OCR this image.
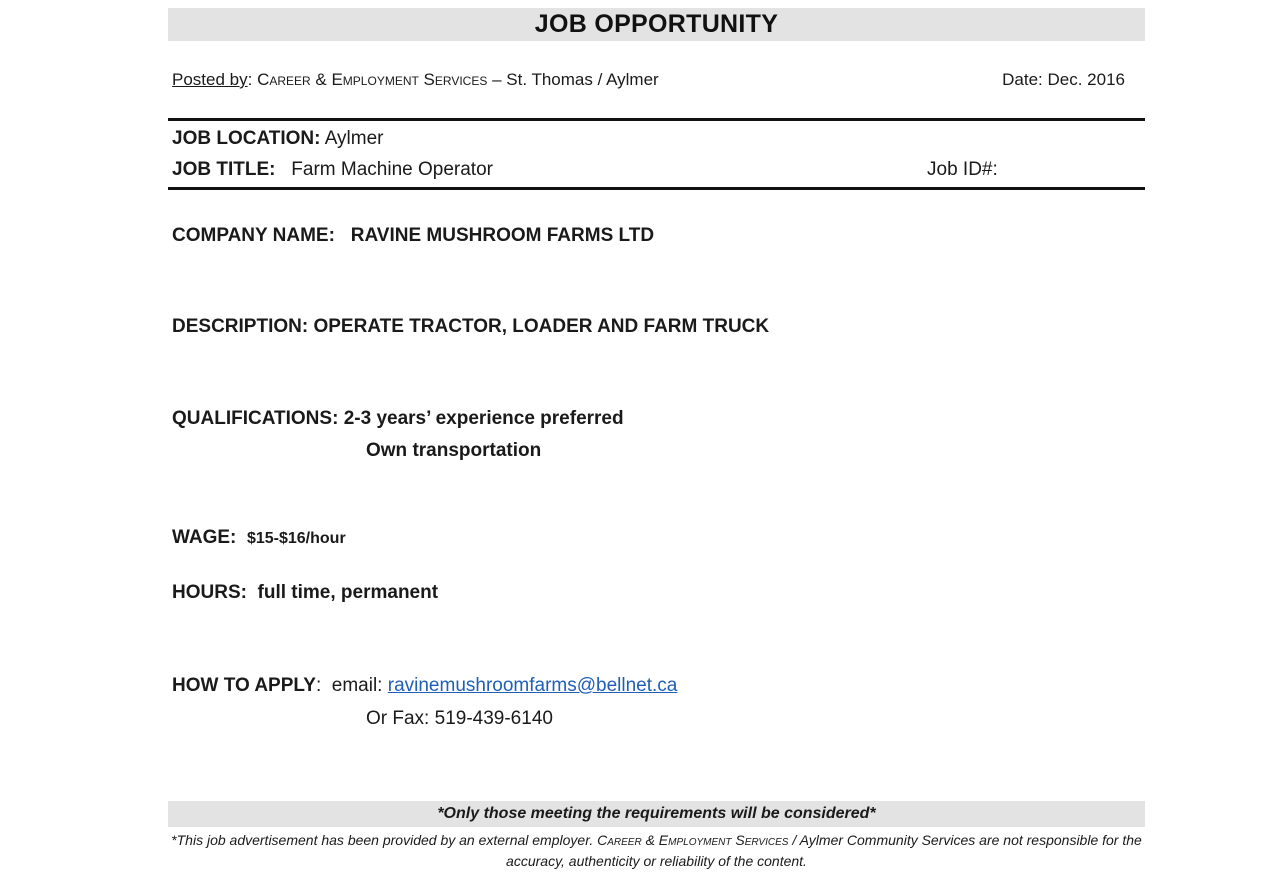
JOB OPPORTUNITY
Posted by: Career & Employment Services – St. Thomas / Aylmer	Date: Dec. 2016
JOB LOCATION: Aylmer
JOB TITLE: Farm Machine Operator	Job ID#:
COMPANY NAME: RAVINE MUSHROOM FARMS LTD
DESCRIPTION: OPERATE TRACTOR, LOADER AND FARM TRUCK
QUALIFICATIONS: 2-3 years’ experience preferred
Own transportation
WAGE: $15-$16/hour
HOURS: full time, permanent
HOW TO APPLY:  email: ravinemushroomfarms@bellnet.ca
Or Fax: 519-439-6140
*Only those meeting the requirements will be considered*
*This job advertisement has been provided by an external employer. Career & Employment Services / Aylmer Community Services are not responsible for the accuracy, authenticity or reliability of the content.
